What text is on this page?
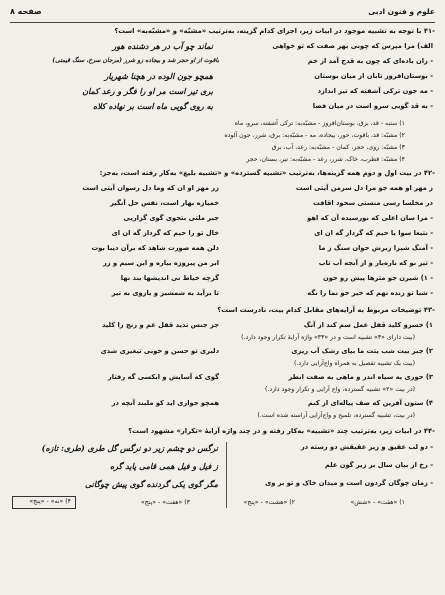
صفحه ۸	علوم و فنون ادبی
-۴۱ با توجه به تشبیه موجود در ابیات زیر، اجزای کدام گزینه، به‌ترتیب «مشبّه» و «مشبّه‌به» است؟
الف) مرا مپرس که چونی بهر صفت که تو خواهی
نماند چو آب در هر دشنده هور
- زان باده‌ای که چون به قدح آمد از خم
باقوت از او حجر شد و بیجاده زو شرر (مرجان سرخ، سنگ قیمتی)
- بوستان‌افروز تابان از میان بوستان
همچو جون الوده در هچنا شهریار
- مه جون ترکی آشفته که تیر اندازد
بری تیر است مر او را فگر و رعد کمان
- به قد گویی سرو است در میان فضا
به روی گویی ماه است بر نهاده کلاه
۱) ستبه - قد، برق، بوستان‌افروز - مشبّه‌به: ترکی آشفته، سرو، ماه
۲) مشبّه: قد، باقوت، حور، بیجاده، مه - مشبّه‌به: برق، شرر، جون آلوده
۳) مشبّه: روی، حجر، کمان - مشبّه‌به: رعد، آب، برق
۴) مشبّه: قطرب، خاک، شرر، رعد - مشبّه‌به: تیر، بستان، حجر
-۴۲ در بیت اول و دوم همه گزینه‌ها، به‌ترتیب «تشبیه گسترده» و «تشبیه بلیغ» به‌کار رفته است، به‌جز:
ز مهر او همه جو مرا دل سرمن آیتی است
زر مهر او ان که وما دل رسوان آیتی است
در مخلسا رسی منستی سحود اقافت
خمیازه بهار است، نفس حل آنگیر
- مرا سان اعلی که نورسیده آن که اهو
جبر ملتی بتجوی گوی گزاریی
- نتبعا سوا یا حیم که گرداز گه ان ای
خال تو را حیم که گرداز گه ان ای
- آمنگ شیرا زبرش حوان سنگ ز ما
دلن همه صورت شاهد که برآن دیبا بوت
- تیر نو که ناره‌بار و از آنجه آب تاب
ابر من پیروزه بیاره و این سیم و زر
- ۱) شیرن جو مثرها پیش رو حون
گرچه خیاط نی اندیشها بند نها
- شبا تو زنده نهم که خیر حو نما را نگه
تا برآید به شمشیر و بازوی به تیر
-۴۳ توضیحات مربوط به آرایه‌های مقابل کدام بیت، نادرست است؟
۱) خسرو کلید قفل عمل سم کند از آنگ
جز جنس تدید قفل عم و رنج را کلید
(بیت دارای «۳» تشبیه است و در «۳۳» واژه آرایهٔ تکرار وجود دارد.)
۲) جبر بیت شب یتت ما بیای رشک آب ریزی
دلبری تو حسن و خوبی تیغیری شدی
(بیت یک تشبیه تفصیل به همراه واج‌آرایی دارد.)
۳) حوری به سیاه اندر و ماهی به صفت انطر
گوی که آسایش و ایکسی گه رفتار
(در بیت «۲» تشبیه گسترده، واج آرایی و تکرار وجود دارد.)
۴) ستون آفرین که صف پیاله‌ای از کنم
همچو جواری اید کو ملبند آنچه در
(در بیت، تشبیه گسترده، تلمیح و واج‌آرایی آراسته شده است.)
-۴۴ در ابیات زیر، به‌ترتیب چند «تشبیه» به‌کار رفته و در چند واژه آرایهٔ «تکرار» مشهود است؟
- دو لب عقیق و زیر عقیقش دو رسته در
نرگس دو چشم زیر دو نرگس گل طری (طری: تازه)
- رخ از بیان سال بر زیر گون علم
ز فیل و فیل همی قامی پاید گره
- زمان چوگان گردون است و میدان خاک و تو بر وی
مگر گوی یکی گردنده گوی پیش چوگانی
۱) «هفت» - «شش»
۲) «هشت» - «پنج»
۳) «هفت» - «پنج»
۴) «نه» - «پنج»
